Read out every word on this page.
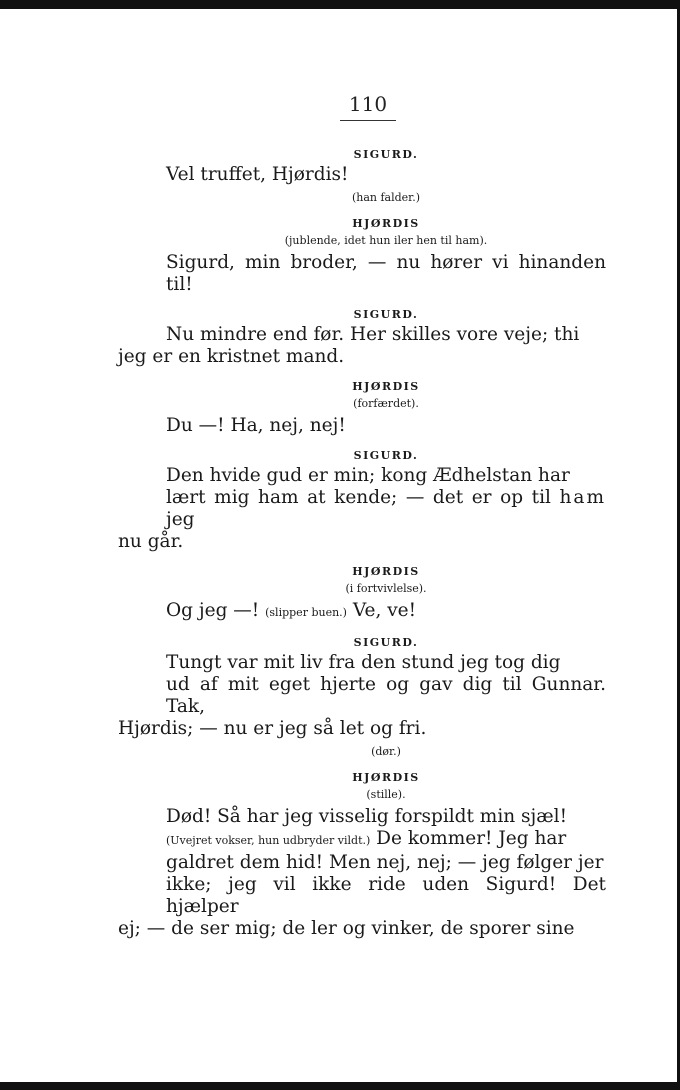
110
SIGURD.
Vel truffet, Hjørdis!
(han falder.)
HJØRDIS
(jublende, idet hun iler hen til ham).
Sigurd, min broder, — nu hører vi hinanden til!
SIGURD.
Nu mindre end før. Her skilles vore veje; thi
jeg er en kristnet mand.
HJØRDIS
(forfærdet).
Du —! Ha, nej, nej!
SIGURD.
Den hvide gud er min; kong Ædhelstan har
lært mig ham at kende; — det er op til ham jeg
nu går.
HJØRDIS
(i fortvivlelse).
Og jeg —! (slipper buen.) Ve, ve!
SIGURD.
Tungt var mit liv fra den stund jeg tog dig
ud af mit eget hjerte og gav dig til Gunnar. Tak,
Hjørdis; — nu er jeg så let og fri.
(dør.)
HJØRDIS
(stille).
Død! Så har jeg visselig forspildt min sjæl!
(Uvejret vokser, hun udbryder vildt.) De kommer! Jeg har
galdret dem hid! Men nej, nej; — jeg følger jer
ikke; jeg vil ikke ride uden Sigurd! Det hjælper
ej; — de ser mig; de ler og vinker, de sporer sine
